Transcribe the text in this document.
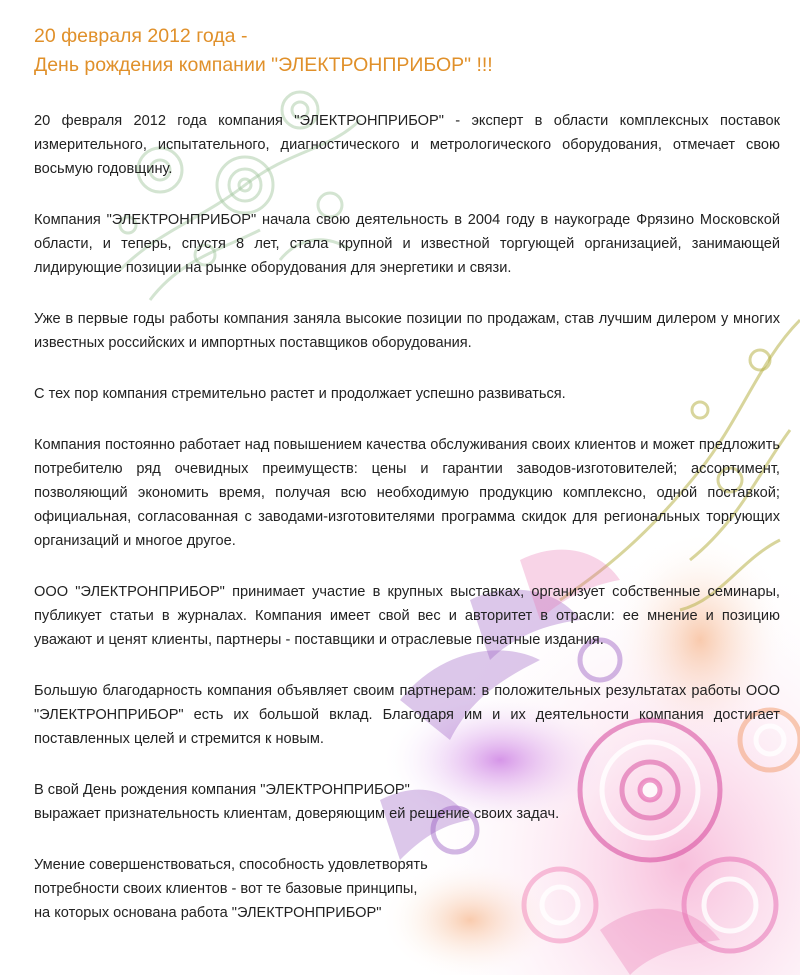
20 февраля 2012 года -
День рождения компании "ЭЛЕКТРОНПРИБОР" !!!

20 февраля 2012 года компания "ЭЛЕКТРОНПРИБОР" - эксперт в области комплексных поставок измерительного, испытательного, диагностического и метрологического оборудования, отмечает свою восьмую годовщину.

Компания "ЭЛЕКТРОНПРИБОР" начала свою деятельность в 2004 году в наукограде Фрязино Московской области, и теперь, спустя 8 лет, стала крупной и известной торгующей организацией, занимающей лидирующие позиции на рынке оборудования для энергетики и связи.

Уже в первые годы работы компания заняла высокие позиции по продажам, став лучшим дилером у многих известных российских и импортных поставщиков оборудования.

С тех пор компания стремительно растет и продолжает успешно развиваться.

Компания постоянно работает над повышением качества обслуживания своих клиентов и может предложить потребителю ряд очевидных преимуществ: цены и гарантии заводов-изготовителей; ассортимент, позволяющий экономить время, получая всю необходимую продукцию комплексно, одной поставкой; официальная, согласованная с заводами-изготовителями программа скидок для региональных торгующих организаций и многое другое.

ООО "ЭЛЕКТРОНПРИБОР" принимает участие в крупных выставках, организует собственные семинары, публикует статьи в журналах. Компания имеет свой вес и авторитет в отрасли: ее мнение и позицию уважают и ценят клиенты, партнеры - поставщики и отраслевые печатные издания.

Большую благодарность компания объявляет своим партнерам: в положительных результатах работы ООО "ЭЛЕКТРОНПРИБОР" есть их большой вклад. Благодаря им и их деятельности компания достигает поставленных целей и стремится к новым.

В свой День рождения компания "ЭЛЕКТРОНПРИБОР"
выражает признательность клиентам, доверяющим ей решение своих задач.

Умение совершенствоваться, способность удовлетворять
потребности своих клиентов - вот те базовые принципы,
на которых основана работа "ЭЛЕКТРОНПРИБОР"
